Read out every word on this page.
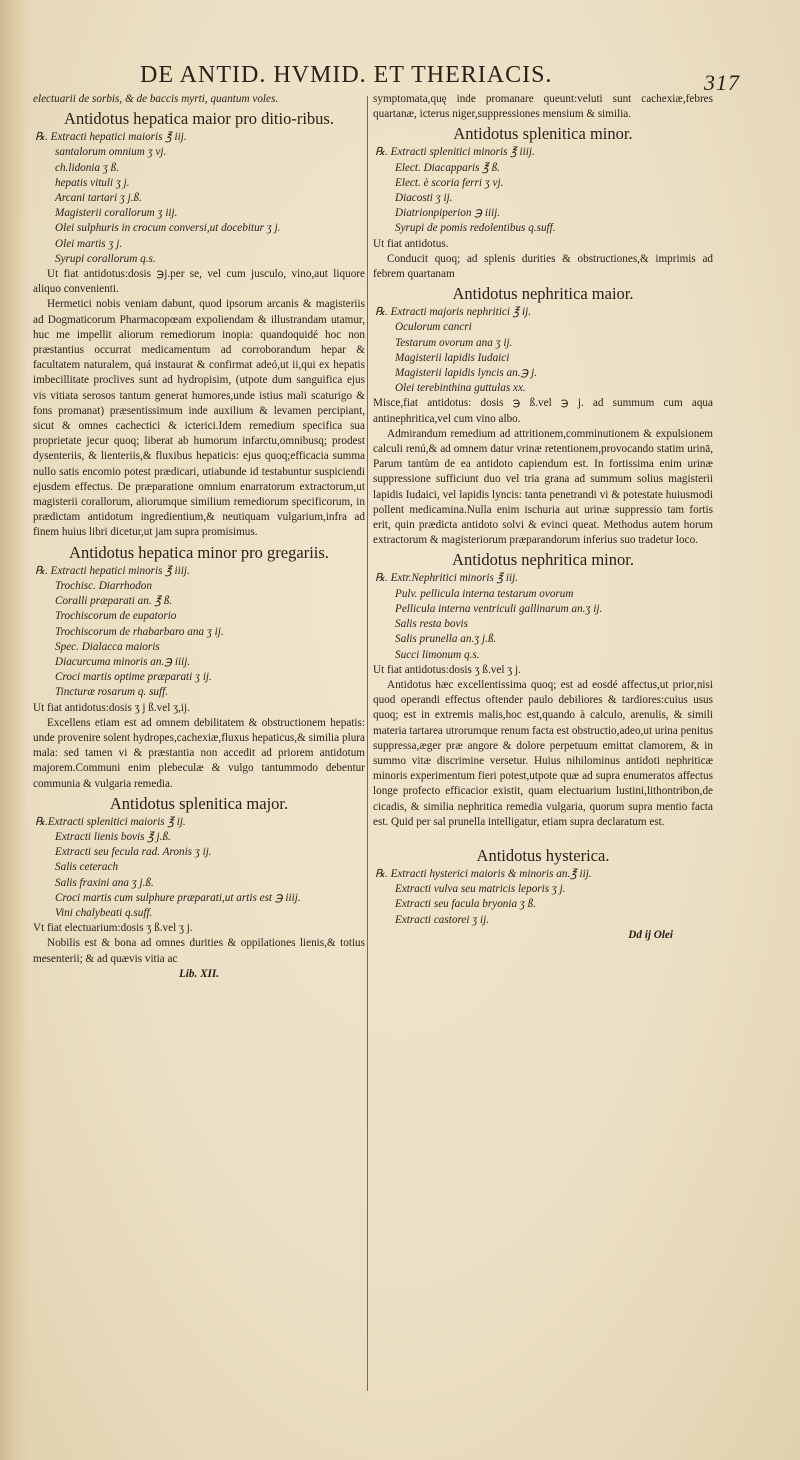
DE ANTID. HVMID. ET THERIACIS.	317

electuarii de sorbis, & de baccis myrti, quantum voles.

Antidotus hepatica maior pro ditio-ribus.
℞. Extracti hepatici maioris ℥ iij.
santalorum omnium ʒ vj.
ch.lidonia ʒ ß.
hepatis vituli ʒ j.
Arcani tartari ʒ j.ß.
Magisterii corallorum ʒ iij.
Olei sulphuris in crocum conversi,ut docebitur ʒ j.
Olei martis ʒ j.
Syrupi corallorum q.s.

Ut fiat antidotus:dosis ℈j.per se, vel cum jusculo, vino,aut liquore aliquo convenienti.

Hermetici nobis veniam dabunt, quod ipsorum arcanis & magisteriis ad Dogmaticorum Pharmacopœam expoliendam & illustrandam utamur, huc me impellit aliorum remediorum inopia: quandoquidé hoc non præstantius occurrat medicamentum ad corroborandum hepar & facultatem naturalem, quá instaurat & confirmat adeó,ut ii,qui ex hepatis imbecillitate proclives sunt ad hydropisim, (utpote dum sanguifica ejus vis vitiata serosos tantum generat humores,unde istius mali scaturigo & fons promanat) præsentissimum inde auxilium & levamen percipiant, sicut & omnes cachectici & icterici.Idem remedium specifica sua proprietate jecur quoq; liberat ab humorum infarctu,omnibusq; prodest dysenteriis, & lienteriis,& fluxibus hepaticis: ejus quoq;efficacia summa nullo satis encomio potest prædicari, utiabunde id testabuntur suspiciendi ejusdem effectus. De præparatione omnium enarratorum extractorum,ut magisterii corallorum, aliorumque similium remediorum specificorum, in prædictam antidotum ingredientium,& neutiquam vulgarium,infra ad finem huius libri dicetur,ut jam supra promisimus.

Antidotus hepatica minor pro gregariis.
℞. Extracti hepatici minoris ℥ iiij.
Trochisc. Diarrhodon
Coralli præparati an. ℥ ß.
Trochiscorum de eupatorio
Trochiscorum de rhabarbaro ana ʒ ij.
Spec. Dialacca maioris
Diacurcuma minoris an.℈ iiij.
Croci martis optime præparati ʒ ij.
Tincturæ rosarum q. suff.

Ut fiat antidotus:dosis ʒ j ß.vel ʒ,ij.

Excellens etiam est ad omnem debilitatem & obstructionem hepatis: unde provenire solent hydropes,cachexiæ,fluxus hepaticus,& similia plura mala: sed tamen vi & præstantia non accedit ad priorem antidotum majorem.Communi enim plebeculæ & vulgo tantummodo debentur communia & vulgaria remedia.

Antidotus splenitica major.
℞.Extracti splenitici maioris ℥ ij.
Extracti lienis bovis ℥ j.ß.
Extracti seu fecula rad. Aronis ʒ ij.
Salis ceterach
Salis fraxini ana ʒ j.ß.
Croci martis cum sulphure præparati,ut artis est ℈ iiij.
Vini chalybeati q.suff.

Vt fiat electuarium:dosis ʒ ß.vel ʒ j.

Nobilis est & bona ad omnes durities & oppilationes lienis,& totius mesenterii; & ad quævis vitia ac

Lib. XII.

symptomata,quę inde promanare queunt:veluti sunt cachexiæ,febres quartanæ, icterus niger,suppressiones mensium & similia.

Antidotus splenitica minor.
℞. Extracti splenitici minoris ℥ iiij.
Elect. Diacapparis ℥ ß.
Elect. è scoria ferri ʒ vj.
Diacosti ʒ ij.
Diatrionpiperion ℈ iiij.
Syrupi de pomis redolentibus q.suff.

Ut fiat antidotus.

Conducit quoq; ad splenis durities & obstructiones,& imprimis ad febrem quartanam

Antidotus nephritica maior.
℞. Extracti majoris nephritici ℥ ij.
Oculorum cancri
Testarum ovorum ana ʒ ij.
Magisterii lapidis Iudaici
Magisterii lapidis lyncis an.℈ j.
Olei terebinthina guttulas xx.

Misce,fiat antidotus: dosis ℈ ß.vel ℈ j. ad summum cum aqua antinephritica,vel cum vino albo.

Admirandum remedium ad attritionem,comminutionem & expulsionem calculi renú,& ad omnem datur vrinæ retentionem,provocando statim urinā, Parum tantùm de ea antidoto capiendum est. In fortissima enim urinæ suppressione sufficiunt duo vel tria grana ad summum solius magisterii lapidis Iudaici, vel lapidis lyncis: tanta penetrandi vi & potestate huiusmodi pollent medicamina.Nulla enim ischuria aut urinæ suppressio tam fortis erit, quin prædicta antidoto solvi & evinci queat. Methodus autem horum extractorum & magisteriorum præparandorum inferius suo tradetur loco.

Antidotus nephritica minor.
℞. Extr.Nephritici minoris ℥ iij.
Pulv. pellicula interna testarum ovorum
Pellicula interna ventriculi gallinarum an.ʒ ij.
Salis resta bovis
Salis prunella an.ʒ j.ß.
Succi limonum q.s.

Ut fiat antidotus:dosis ʒ ß.vel ʒ j.

Antidotus hæc excellentissima quoq; est ad eosdé affectus,ut prior,nisi quod operandi effectus oftender paulo debiliores & tardiores:cuius usus quoq; est in extremis malis,hoc est,quando à calculo, arenulis, & simili materia tartarea utrorumque renum facta est obstructio,adeo,ut urina penitus suppressa,æger præ angore & dolore perpetuum emittat clamorem, & in summo vitæ discrimine versetur. Huius nihilominus antidoti nephriticæ minoris experimentum fieri potest,utpote quæ ad supra enumeratos affectus longe profecto efficacior existit, quam electuarium lustini,lithontribon,de cicadis, & similia nephritica remedia vulgaria, quorum supra mentio facta est. Quid per sal prunella intelligatur, etiam supra declaratum est.

Antidotus hysterica.
℞. Extracti hysterici maioris & minoris an.℥ iij.
Extracti vulva seu matricis leporis ʒ j.
Extracti seu facula bryonia ʒ ß.
Extracti castorei ʒ ij.
Dd ij Olei
